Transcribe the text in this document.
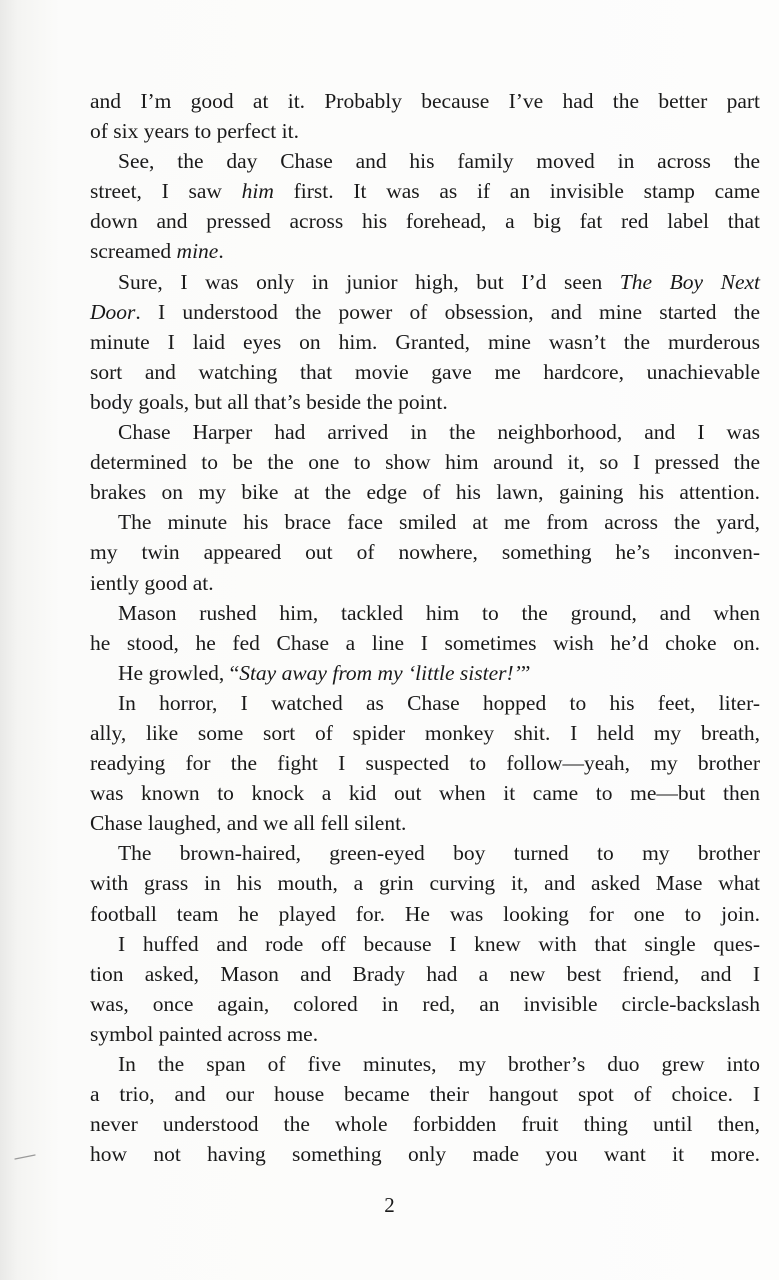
and I’m good at it. Probably because I’ve had the better part
of six years to perfect it.
See, the day Chase and his family moved in across the
street, I saw him first. It was as if an invisible stamp came
down and pressed across his forehead, a big fat red label that
screamed mine.
Sure, I was only in junior high, but I’d seen The Boy Next
Door. I understood the power of obsession, and mine started the
minute I laid eyes on him. Granted, mine wasn’t the murderous
sort and watching that movie gave me hardcore, unachievable
body goals, but all that’s beside the point.
Chase Harper had arrived in the neighborhood, and I was
determined to be the one to show him around it, so I pressed the
brakes on my bike at the edge of his lawn, gaining his attention.
The minute his brace face smiled at me from across the yard,
my twin appeared out of nowhere, something he’s inconven-
iently good at.
Mason rushed him, tackled him to the ground, and when
he stood, he fed Chase a line I sometimes wish he’d choke on.
He growled, “Stay away from my ‘little sister!’”
In horror, I watched as Chase hopped to his feet, liter-
ally, like some sort of spider monkey shit. I held my breath,
readying for the fight I suspected to follow—yeah, my brother
was known to knock a kid out when it came to me—but then
Chase laughed, and we all fell silent.
The brown-haired, green-eyed boy turned to my brother
with grass in his mouth, a grin curving it, and asked Mase what
football team he played for. He was looking for one to join.
I huffed and rode off because I knew with that single ques-
tion asked, Mason and Brady had a new best friend, and I
was, once again, colored in red, an invisible circle-backslash
symbol painted across me.
In the span of five minutes, my brother’s duo grew into
a trio, and our house became their hangout spot of choice. I
never understood the whole forbidden fruit thing until then,
how not having something only made you want it more.
2
